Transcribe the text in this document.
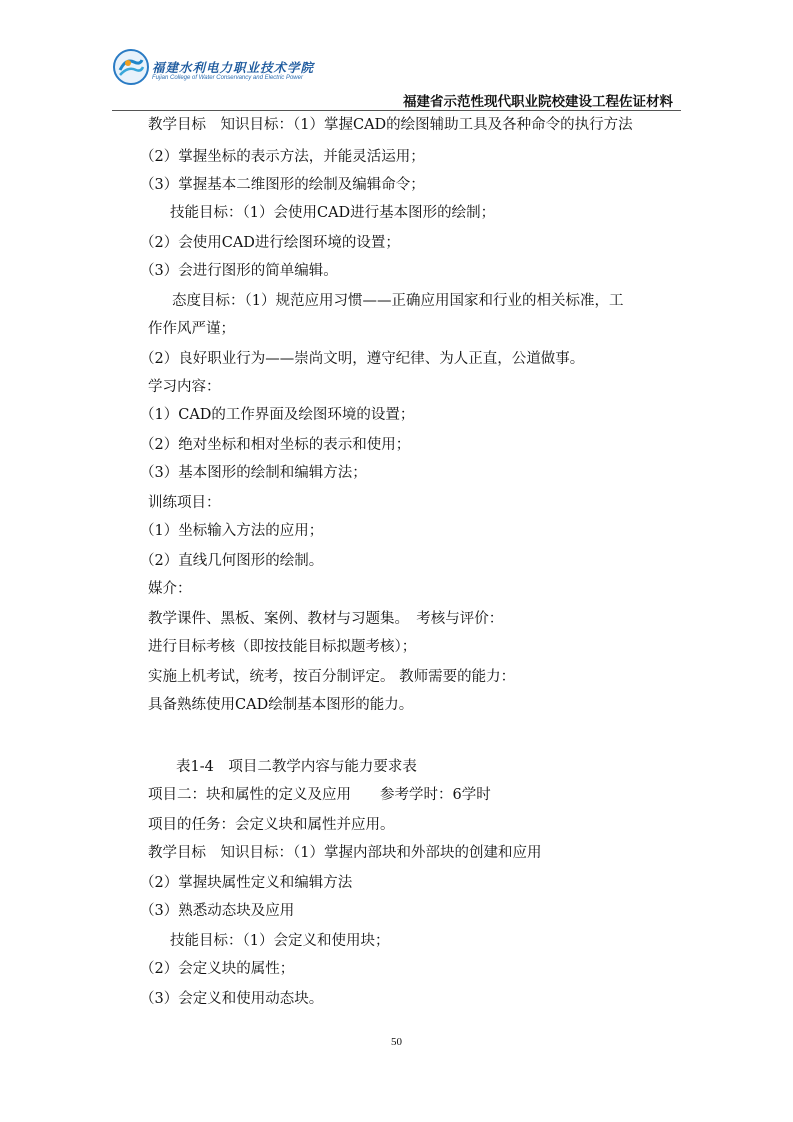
福建水利电力职业技术学院
Fujian College of Water Conservancy and Electric Power
福建省示范性现代职业院校建设工程佐证材料
教学目标　知识目标：（1）掌握CAD的绘图辅助工具及各种命令的执行方法
（2）掌握坐标的表示方法，并能灵活运用；
（3）掌握基本二维图形的绘制及编辑命令；
技能目标：（1）会使用CAD进行基本图形的绘制；
（2）会使用CAD进行绘图环境的设置；
（3）会进行图形的简单编辑。
态度目标：（1）规范应用习惯——正确应用国家和行业的相关标准，工
作作风严谨；
（2）良好职业行为——崇尚文明，遵守纪律、为人正直，公道做事。
学习内容：
（1）CAD的工作界面及绘图环境的设置；
（2）绝对坐标和相对坐标的表示和使用；
（3）基本图形的绘制和编辑方法；
训练项目：
（1）坐标输入方法的应用；
（2）直线几何图形的绘制。
媒介：
教学课件、黑板、案例、教材与习题集。　考核与评价：
进行目标考核（即按技能目标拟题考核）；
实施上机考试，统考，按百分制评定。 教师需要的能力：
具备熟练使用CAD绘制基本图形的能力。
表1-4　项目二教学内容与能力要求表
项目二：块和属性的定义及应用　　参考学时：6学时
项目的任务：会定义块和属性并应用。
教学目标　知识目标：（1）掌握内部块和外部块的创建和应用
（2）掌握块属性定义和编辑方法
（3）熟悉动态块及应用
技能目标：（1）会定义和使用块；
（2）会定义块的属性；
（3）会定义和使用动态块。
50
